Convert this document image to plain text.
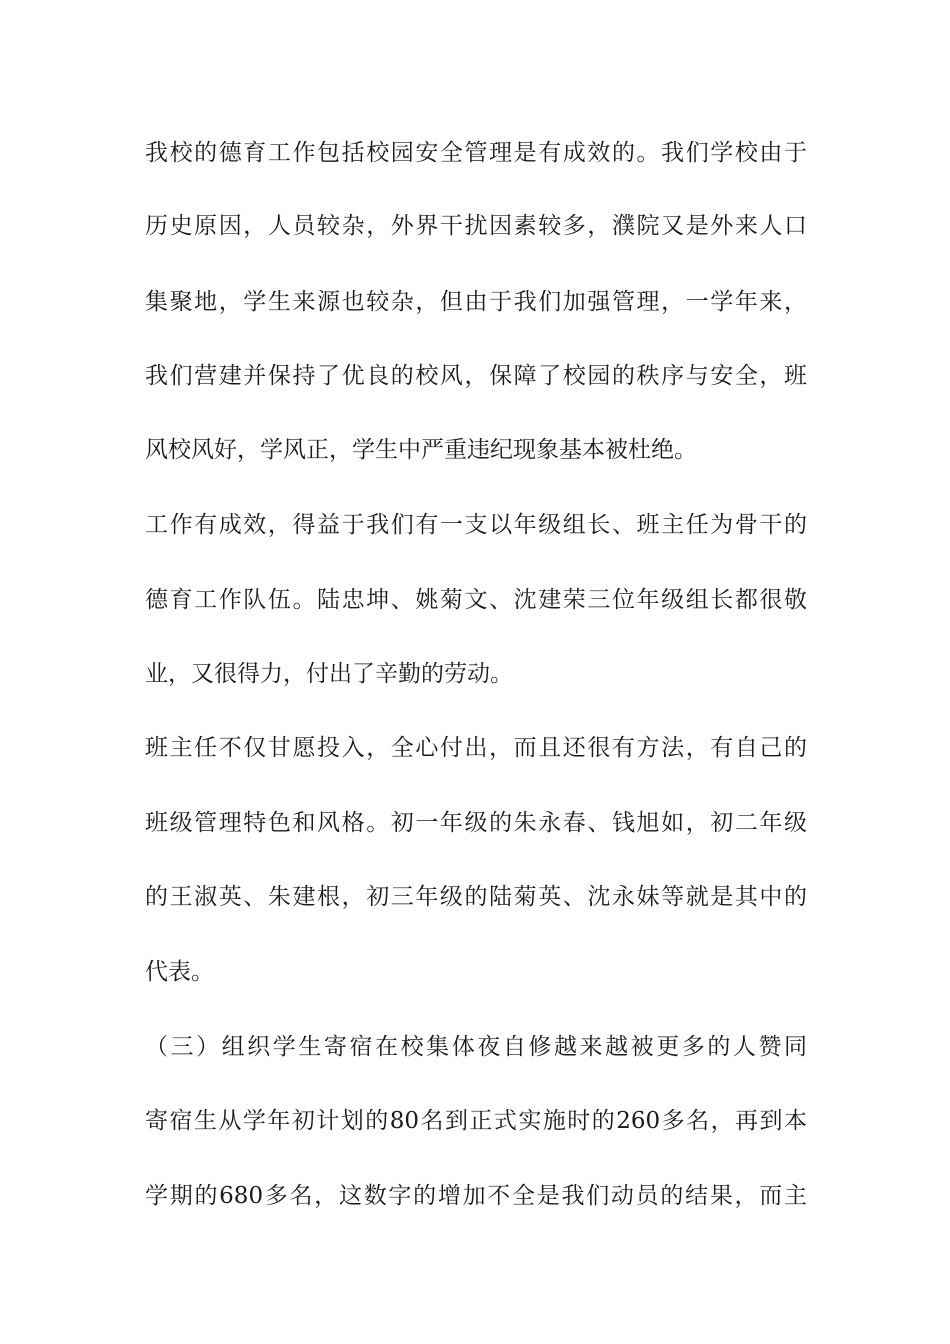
我校的德育工作包括校园安全管理是有成效的。我们学校由于
历史原因，人员较杂，外界干扰因素较多，濮院又是外来人口
集聚地，学生来源也较杂，但由于我们加强管理，一学年来，
我们营建并保持了优良的校风，保障了校园的秩序与安全，班
风校风好，学风正，学生中严重违纪现象基本被杜绝。
工作有成效，得益于我们有一支以年级组长、班主任为骨干的
德育工作队伍。陆忠坤、姚菊文、沈建荣三位年级组长都很敬
业，又很得力，付出了辛勤的劳动。
班主任不仅甘愿投入，全心付出，而且还很有方法，有自己的
班级管理特色和风格。初一年级的朱永春、钱旭如，初二年级
的王淑英、朱建根，初三年级的陆菊英、沈永妹等就是其中的
代表。
（三）组织学生寄宿在校集体夜自修越来越被更多的人赞同
寄宿生从学年初计划的80名到正式实施时的260多名，再到本
学期的680多名，这数字的增加不全是我们动员的结果，而主
